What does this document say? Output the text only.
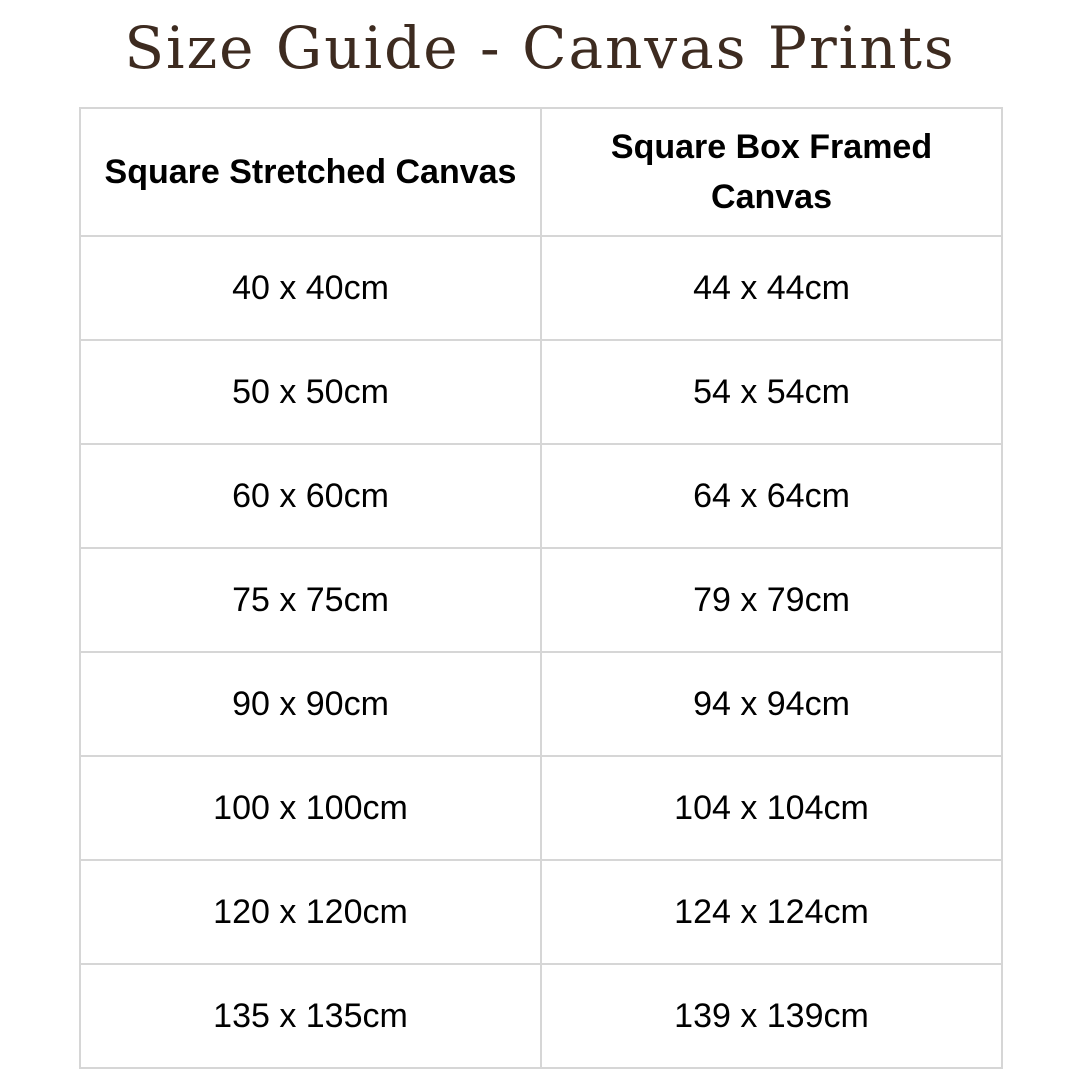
Size Guide - Canvas Prints
Square Stretched Canvas	Square Box Framed Canvas
40 x 40cm	44 x 44cm
50 x 50cm	54 x 54cm
60 x 60cm	64 x 64cm
75 x 75cm	79 x 79cm
90 x 90cm	94 x 94cm
100 x 100cm	104 x 104cm
120 x 120cm	124 x 124cm
135 x 135cm	139 x 139cm
